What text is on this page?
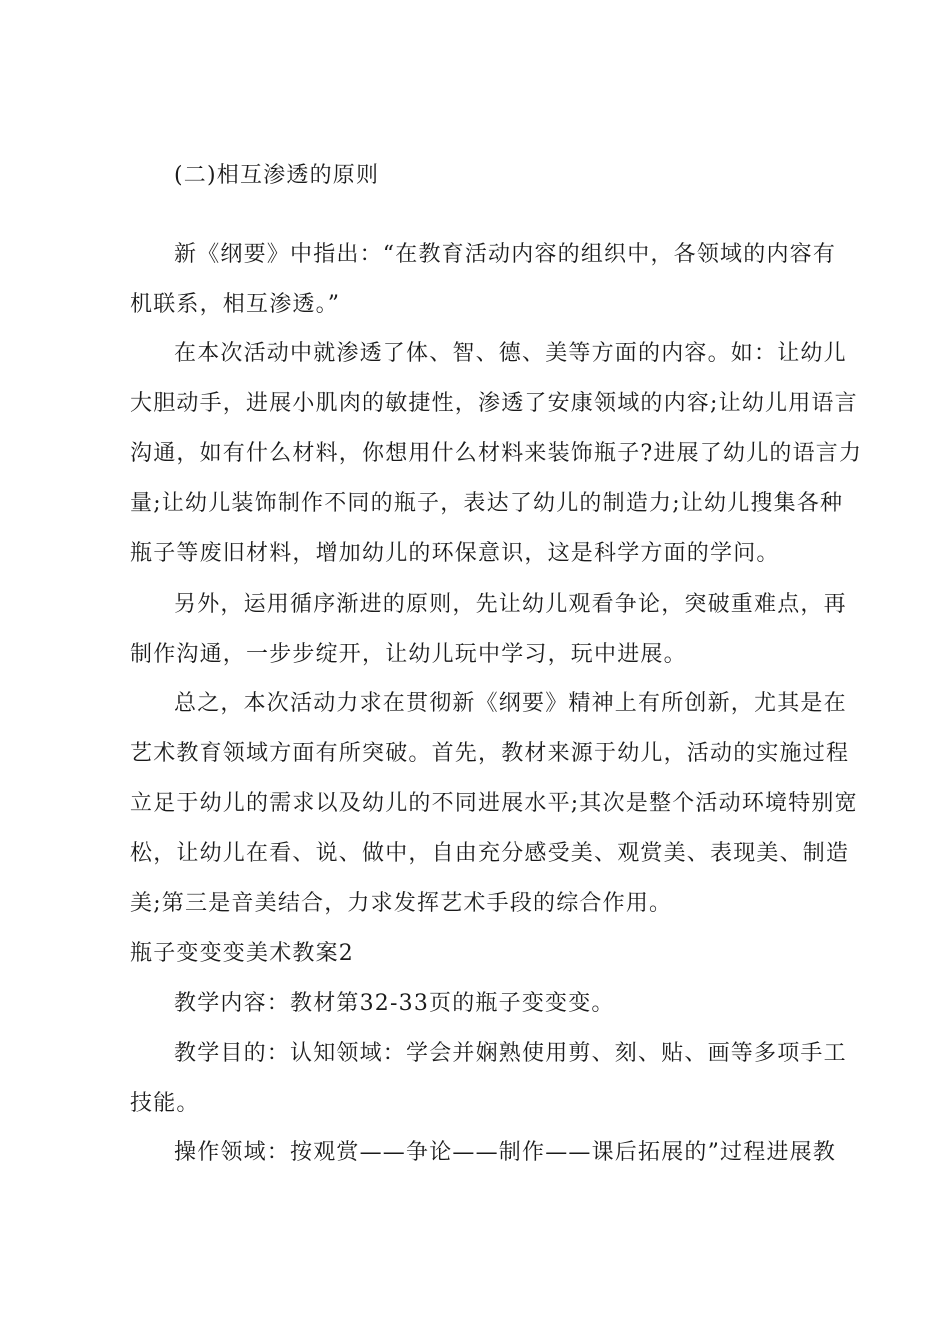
(二)相互渗透的原则
新《纲要》中指出：“在教育活动内容的组织中，各领域的内容有
机联系，相互渗透。”
在本次活动中就渗透了体、智、德、美等方面的内容。如：让幼儿
大胆动手，进展小肌肉的敏捷性，渗透了安康领域的内容;让幼儿用语言
沟通，如有什么材料，你想用什么材料来装饰瓶子?进展了幼儿的语言力
量;让幼儿装饰制作不同的瓶子，表达了幼儿的制造力;让幼儿搜集各种
瓶子等废旧材料，增加幼儿的环保意识，这是科学方面的学问。
另外，运用循序渐进的原则，先让幼儿观看争论，突破重难点，再
制作沟通，一步步绽开，让幼儿玩中学习，玩中进展。
总之，本次活动力求在贯彻新《纲要》精神上有所创新，尤其是在
艺术教育领域方面有所突破。首先，教材来源于幼儿，活动的实施过程
立足于幼儿的需求以及幼儿的不同进展水平;其次是整个活动环境特别宽
松，让幼儿在看、说、做中，自由充分感受美、观赏美、表现美、制造
美;第三是音美结合，力求发挥艺术手段的综合作用。
瓶子变变变美术教案2
教学内容：教材第32-33页的瓶子变变变。
教学目的：认知领域：学会并娴熟使用剪、刻、贴、画等多项手工
技能。
操作领域：按观赏——争论——制作——课后拓展的”过程进展教
